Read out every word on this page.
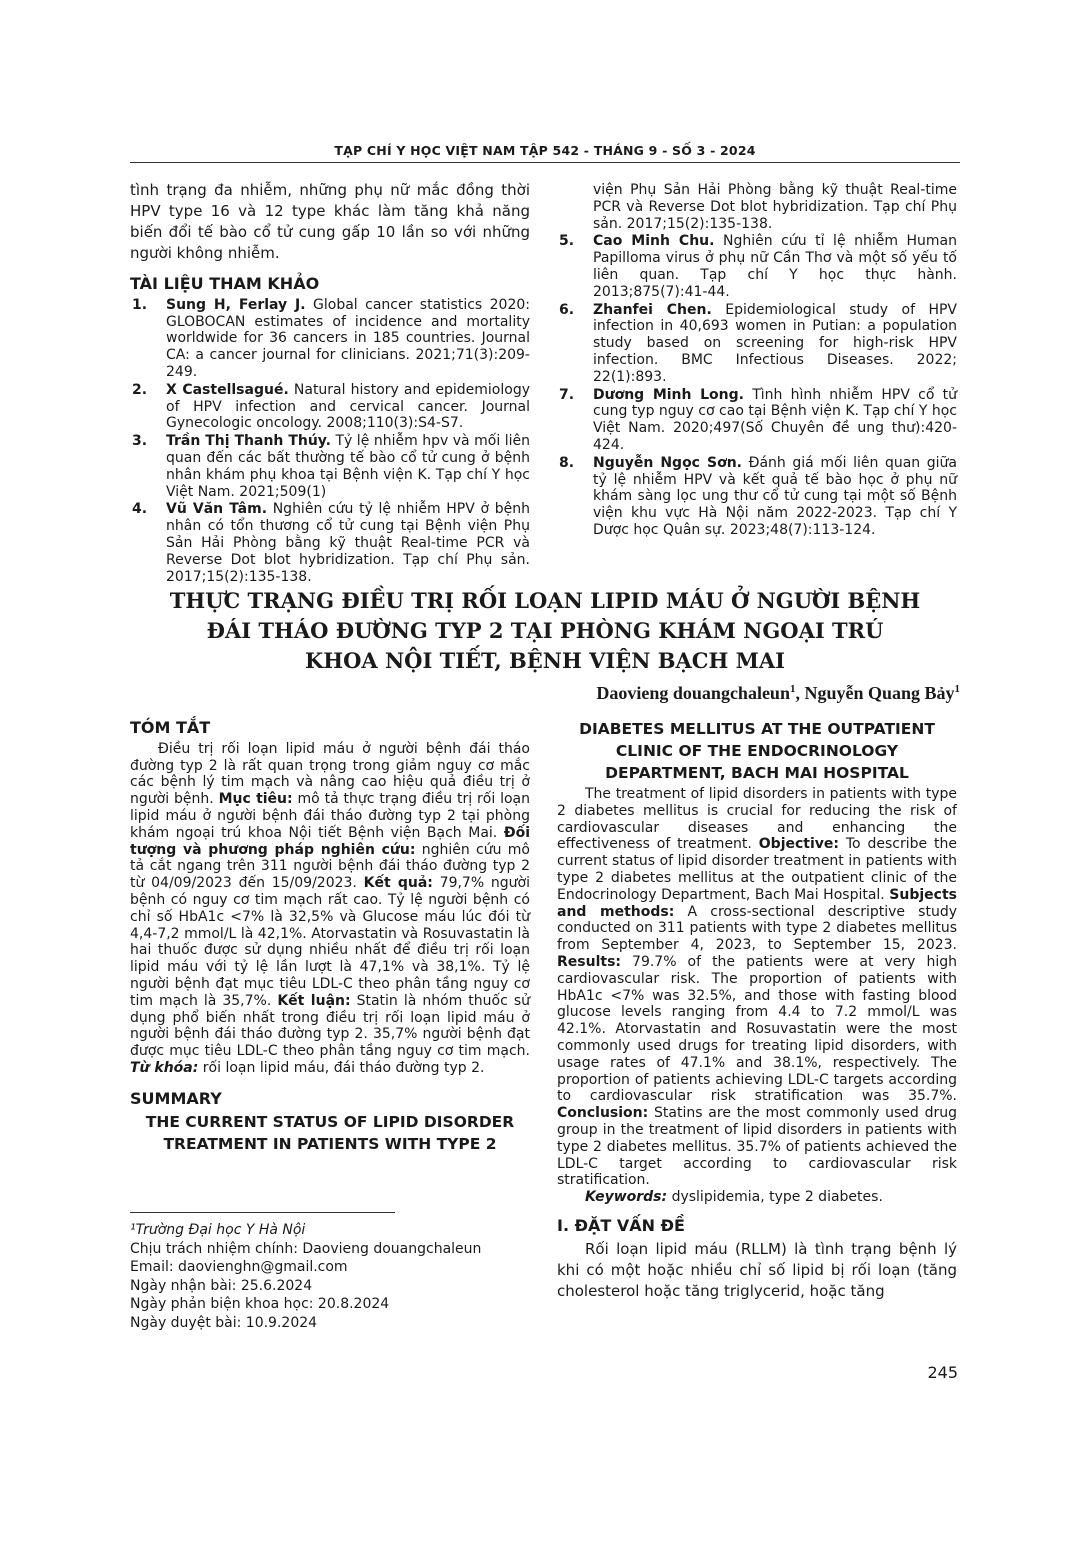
TẠP CHÍ Y HỌC VIỆT NAM TẬP 542 - THÁNG 9 - SỐ 3 - 2024

tình trạng đa nhiễm, những phụ nữ mắc đồng thời HPV type 16 và 12 type khác làm tăng khả năng biến đổi tế bào cổ tử cung gấp 10 lần so với những người không nhiễm.

TÀI LIỆU THAM KHẢO
1.	Sung H, Ferlay J. Global cancer statistics 2020: GLOBOCAN estimates of incidence and mortality worldwide for 36 cancers in 185 countries. Journal CA: a cancer journal for clinicians. 2021;71(3):209-249.
2.	X Castellsagué. Natural history and epidemiology of HPV infection and cervical cancer. Journal Gynecologic oncology. 2008;110(3):S4-S7.
3.	Trần Thị Thanh Thúy. Tỷ lệ nhiễm hpv và mối liên quan đến các bất thường tế bào cổ tử cung ở bệnh nhân khám phụ khoa tại Bệnh viện K. Tạp chí Y học Việt Nam. 2021;509(1)
4.	Vũ Văn Tâm. Nghiên cứu tỷ lệ nhiễm HPV ở bệnh nhân có tổn thương cổ tử cung tại Bệnh viện Phụ Sản Hải Phòng bằng kỹ thuật Real-time PCR và Reverse Dot blot hybridization. Tạp chí Phụ sản. 2017;15(2):135-138.
viện Phụ Sản Hải Phòng bằng kỹ thuật Real-time PCR và Reverse Dot blot hybridization. Tạp chí Phụ sản. 2017;15(2):135-138.
5.	Cao Minh Chu. Nghiên cứu tỉ lệ nhiễm Human Papilloma virus ở phụ nữ Cần Thơ và một số yếu tố liên quan. Tạp chí Y học thực hành. 2013;875(7):41-44.
6.	Zhanfei Chen. Epidemiological study of HPV infection in 40,693 women in Putian: a population study based on screening for high-risk HPV infection. BMC Infectious Diseases. 2022; 22(1):893.
7.	Dương Minh Long. Tình hình nhiễm HPV cổ tử cung typ nguy cơ cao tại Bệnh viện K. Tạp chí Y học Việt Nam. 2020;497(Số Chuyên đề ung thư):420-424.
8.	Nguyễn Ngọc Sơn. Đánh giá mối liên quan giữa tỷ lệ nhiễm HPV và kết quả tế bào học ở phụ nữ khám sàng lọc ung thư cổ tử cung tại một số Bệnh viện khu vực Hà Nội năm 2022-2023. Tạp chí Y Dược học Quân sự. 2023;48(7):113-124.
THỰC TRẠNG ĐIỀU TRỊ RỐI LOẠN LIPID MÁU Ở NGƯỜI BỆNH
ĐÁI THÁO ĐƯỜNG TYP 2 TẠI PHÒNG KHÁM NGOẠI TRÚ
KHOA NỘI TIẾT, BỆNH VIỆN BẠCH MAI
Daovieng douangchaleun$^1$, Nguyễn Quang Bảy$^1$
TÓM TẮT

Điều trị rối loạn lipid máu ở người bệnh đái tháo đường typ 2 là rất quan trọng trong giảm nguy cơ mắc các bệnh lý tim mạch và nâng cao hiệu quả điều trị ở người bệnh. Mục tiêu: mô tả thực trạng điều trị rối loạn lipid máu ở người bệnh đái tháo đường typ 2 tại phòng khám ngoại trú khoa Nội tiết Bệnh viện Bạch Mai. Đối tượng và phương pháp nghiên cứu: nghiên cứu mô tả cắt ngang trên 311 người bệnh đái tháo đường typ 2 từ 04/09/2023 đến 15/09/2023. Kết quả: 79,7% người bệnh có nguy cơ tim mạch rất cao. Tỷ lệ người bệnh có chỉ số HbA1c <7% là 32,5% và Glucose máu lúc đói từ 4,4-7,2 mmol/L là 42,1%. Atorvastatin và Rosuvastatin là hai thuốc được sử dụng nhiều nhất để điều trị rối loạn lipid máu với tỷ lệ lần lượt là 47,1% và 38,1%. Tỷ lệ người bệnh đạt mục tiêu LDL-C theo phân tầng nguy cơ tim mạch là 35,7%. Kết luận: Statin là nhóm thuốc sử dụng phổ biến nhất trong điều trị rối loạn lipid máu ở người bệnh đái tháo đường typ 2. 35,7% người bệnh đạt được mục tiêu LDL-C theo phân tầng nguy cơ tim mạch. Từ khóa: rối loạn lipid máu, đái tháo đường typ 2.

SUMMARY

THE CURRENT STATUS OF LIPID DISORDER TREATMENT IN PATIENTS WITH TYPE 2

DIABETES MELLITUS AT THE OUTPATIENT CLINIC OF THE ENDOCRINOLOGY DEPARTMENT, BACH MAI HOSPITAL

The treatment of lipid disorders in patients with type 2 diabetes mellitus is crucial for reducing the risk of cardiovascular diseases and enhancing the effectiveness of treatment. Objective: To describe the current status of lipid disorder treatment in patients with type 2 diabetes mellitus at the outpatient clinic of the Endocrinology Department, Bach Mai Hospital. Subjects and methods: A cross-sectional descriptive study conducted on 311 patients with type 2 diabetes mellitus from September 4, 2023, to September 15, 2023. Results: 79.7% of the patients were at very high cardiovascular risk. The proportion of patients with HbA1c <7% was 32.5%, and those with fasting blood glucose levels ranging from 4.4 to 7.2 mmol/L was 42.1%. Atorvastatin and Rosuvastatin were the most commonly used drugs for treating lipid disorders, with usage rates of 47.1% and 38.1%, respectively. The proportion of patients achieving LDL-C targets according to cardiovascular risk stratification was 35.7%. Conclusion: Statins are the most commonly used drug group in the treatment of lipid disorders in patients with type 2 diabetes mellitus. 35.7% of patients achieved the LDL-C target according to cardiovascular risk stratification.

Keywords: dyslipidemia, type 2 diabetes.

I. ĐẶT VẤN ĐỀ

Rối loạn lipid máu (RLLM) là tình trạng bệnh lý khi có một hoặc nhiều chỉ số lipid bị rối loạn (tăng cholesterol hoặc tăng triglycerid, hoặc tăng

¹Trường Đại học Y Hà Nội
Chịu trách nhiệm chính: Daovieng douangchaleun
Email: daovienghn@gmail.com
Ngày nhận bài: 25.6.2024
Ngày phản biện khoa học: 20.8.2024
Ngày duyệt bài: 10.9.2024
245
